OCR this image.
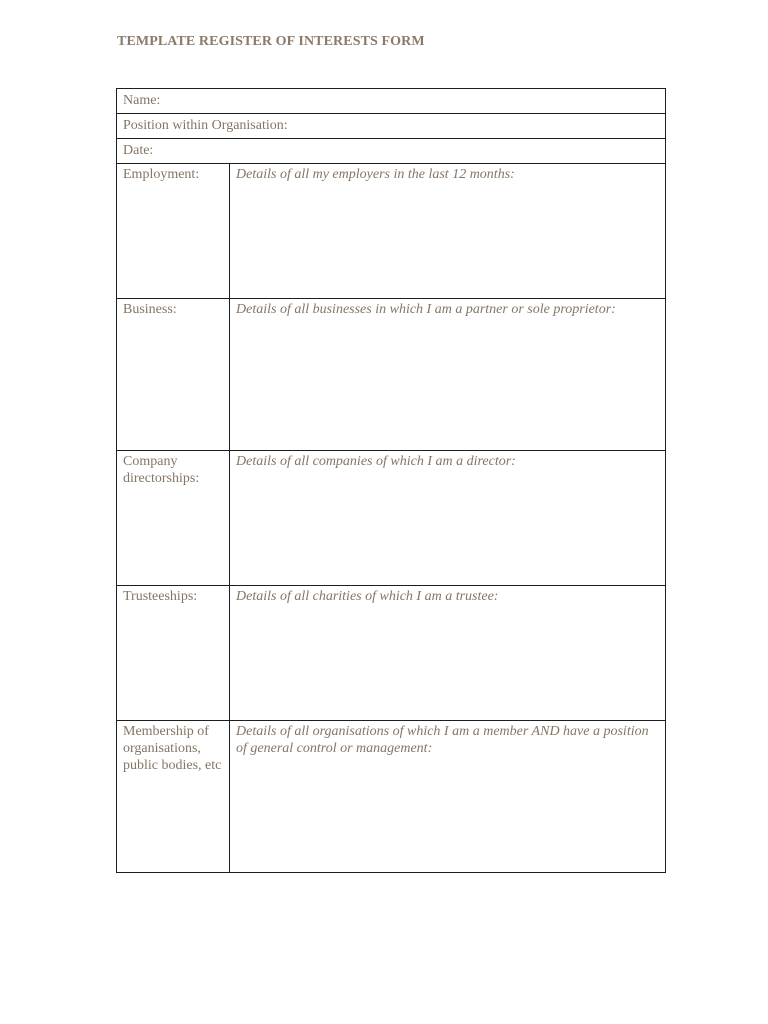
TEMPLATE REGISTER OF INTERESTS FORM
Name:	
Position within Organisation:	
Date:	
Employment:	Details of all my employers in the last 12 months:
Business:	Details of all businesses in which I am a partner or sole proprietor:
Company directorships:	Details of all companies of which I am a director:
Trusteeships:	Details of all charities of which I am a trustee:
Membership of organisations, public bodies, etc	Details of all organisations of which I am a member AND have a position of general control or management:
